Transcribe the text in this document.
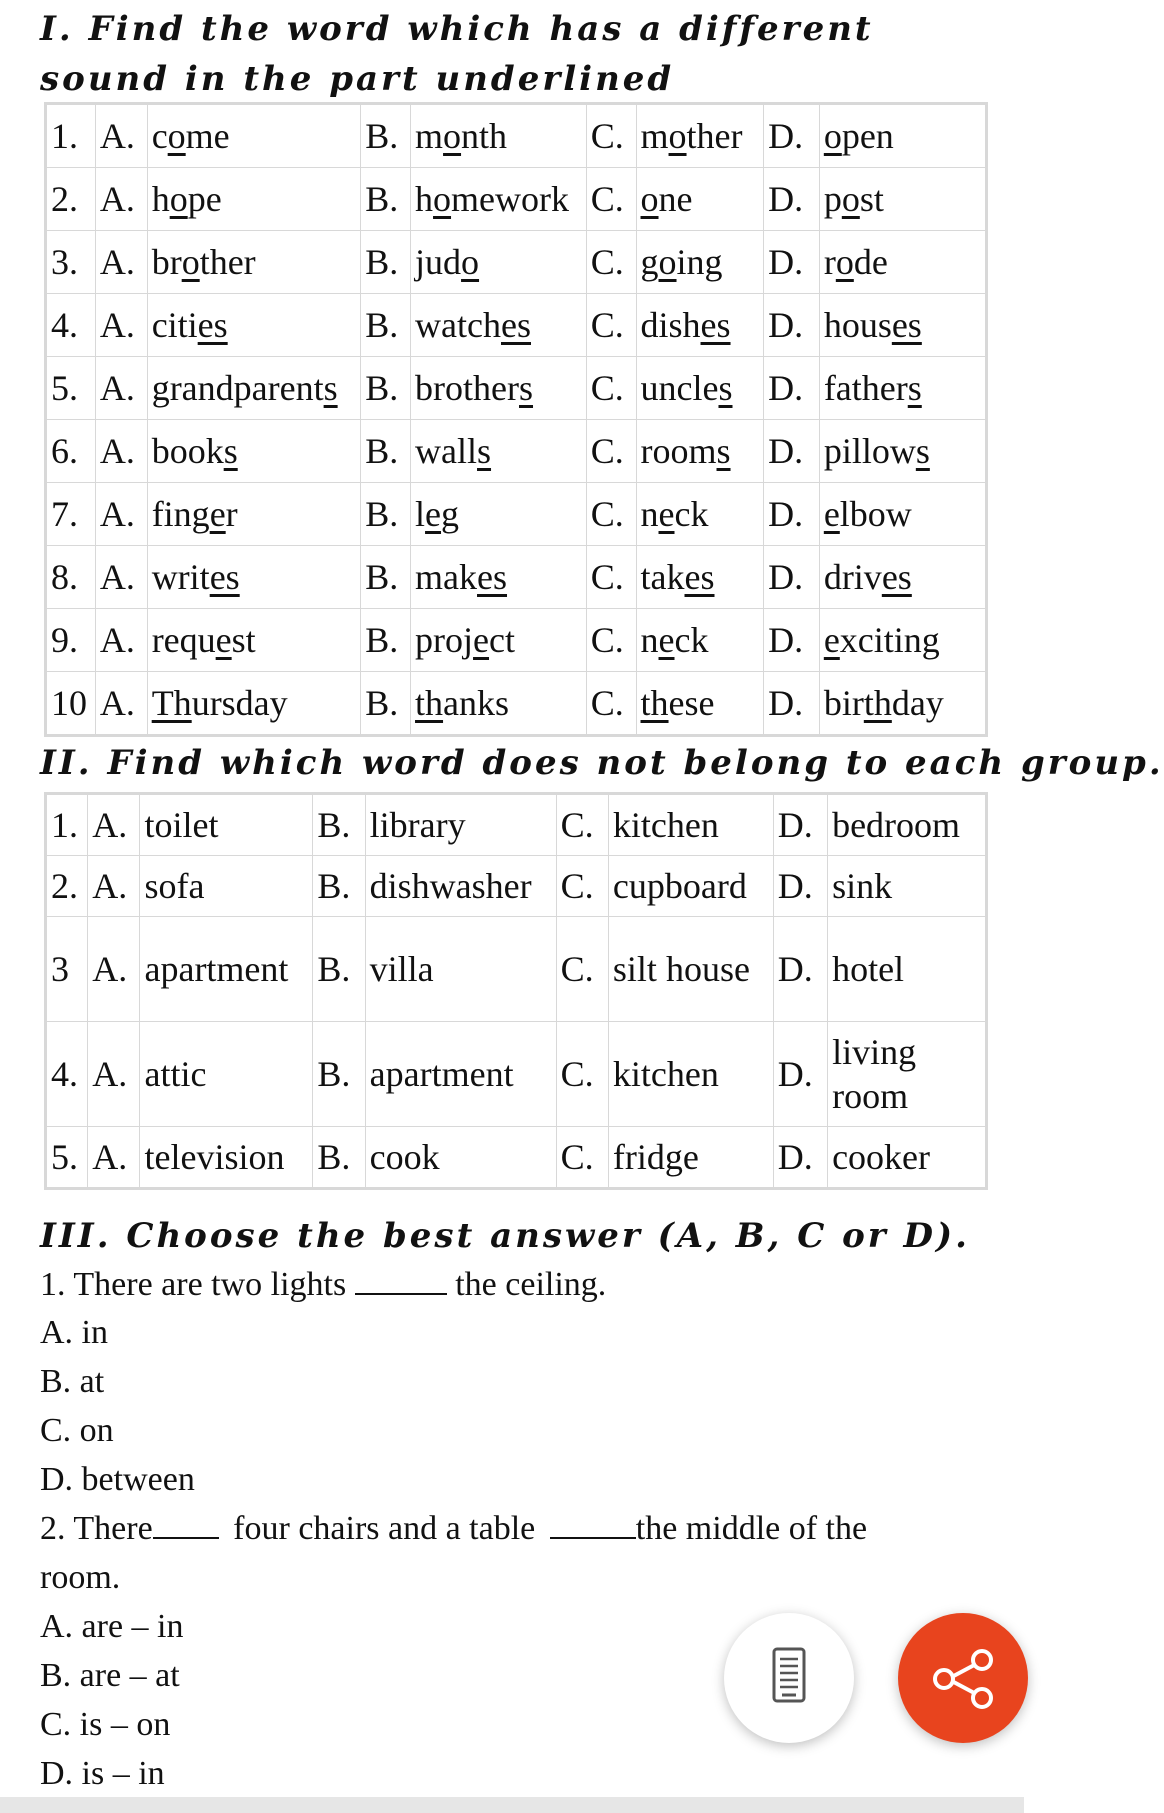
I. Find the word which has a different sound in the part underlined
1.	A.	come	B.	month	C.	mother	D.	open
2.	A.	hope	B.	homework	C.	one	D.	post
3.	A.	brother	B.	judo	C.	going	D.	rode
4.	A.	cities	B.	watches	C.	dishes	D.	houses
5.	A.	grandparents	B.	brothers	C.	uncles	D.	fathers
6.	A.	books	B.	walls	C.	rooms	D.	pillows
7.	A.	finger	B.	leg	C.	neck	D.	elbow
8.	A.	writes	B.	makes	C.	takes	D.	drives
9.	A.	request	B.	project	C.	neck	D.	exciting
10	A.	Thursday	B.	thanks	C.	these	D.	birthday
II. Find which word does not belong to each group.
1.	A.	toilet	B.	library	C.	kitchen	D.	bedroom
2.	A.	sofa	B.	dishwasher	C.	cupboard	D.	sink
3	A.	apartment	B.	villa	C.	silt house	D.	hotel
4.	A.	attic	B.	apartment	C.	kitchen	D.	living room
5.	A.	television	B.	cook	C.	fridge	D.	cooker
III. Choose the best answer (A, B, C or D).
1. There are two lights	the ceiling.
A. in
B. at
C. on
D. between
2. There four chairs and a table	the middle of the
room.
A. are – in
B. are – at
C. is – on
D. is – in
